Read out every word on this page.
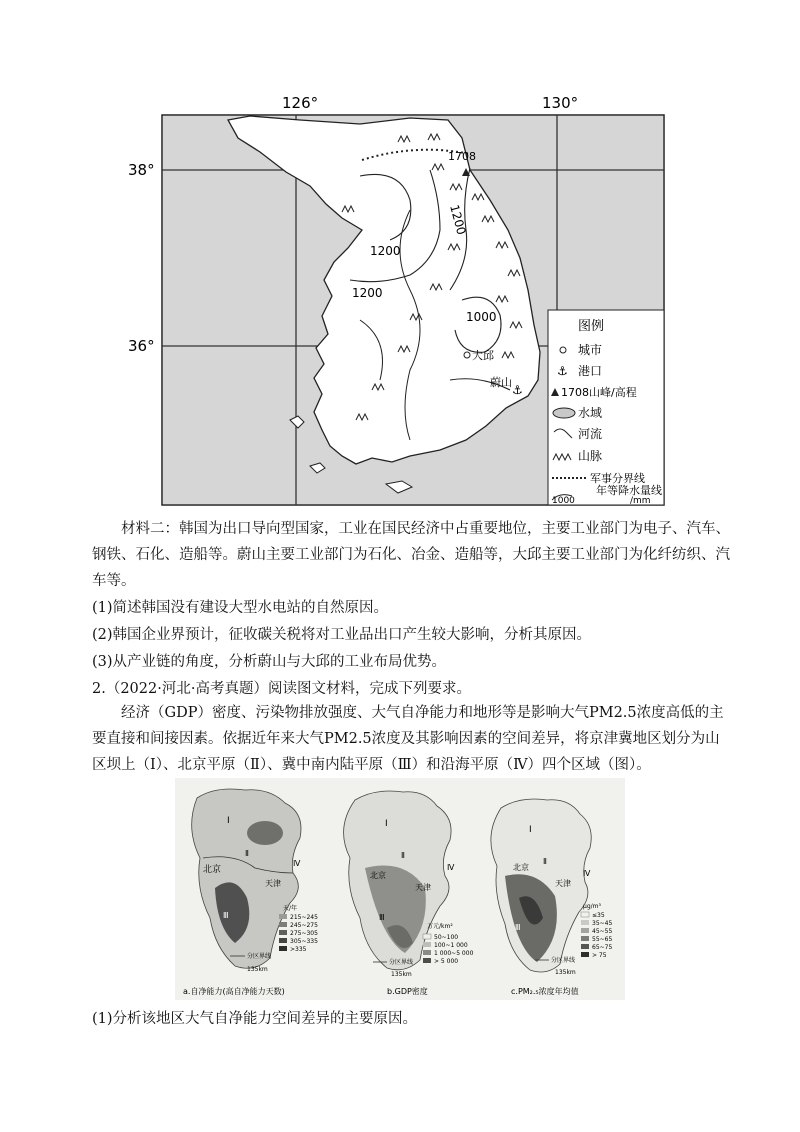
126°	130°
38°
36°
1200
1200
1200
1000
1708
大邱
蔚山
⚓
图例
城市
⚓ 港口
1708山峰/高程
水域
河流
山脉
军事分界线
年等降水量线
1000	/mm
材料二：韩国为出口导向型国家，工业在国民经济中占重要地位，主要工业部门为电子、汽车、钢铁、石化、造船等。蔚山主要工业部门为石化、冶金、造船等，大邱主要工业部门为化纤纺织、汽车等。
(1)简述韩国没有建设大型水电站的自然原因。
(2)韩国企业界预计，征收碳关税将对工业品出口产生较大影响，分析其原因。
(3)从产业链的角度，分析蔚山与大邱的工业布局优势。
2.（2022·河北·高考真题）阅读图文材料，完成下列要求。
经济（GDP）密度、污染物排放强度、大气自净能力和地形等是影响大气PM2.5浓度高低的主要直接和间接因素。依据近年来大气PM2.5浓度及其影响因素的空间差异，将京津冀地区划分为山区坝上（Ⅰ）、北京平原（Ⅱ）、冀中南内陆平原（Ⅲ）和沿海平原（Ⅳ）四个区域（图）。
Ⅰ
Ⅱ
Ⅳ
Ⅲ
北京
天津
天/年
215~245
245~275
275~305
305~335
>335
分区界线
135km
a.自净能力(高自净能力天数)
Ⅰ
Ⅱ
Ⅳ
Ⅲ
北京
天津
万元/km²
50~100
100~1 000
1 000~5 000
> 5 000
分区界线
135km
b.GDP密度
Ⅰ
Ⅱ
Ⅳ
Ⅲ
北京
天津
μg/m³
≤35
35~45
45~55
55~65
65~75
> 75
分区界线
135km
c.PM₂.₅浓度年均值
(1)分析该地区大气自净能力空间差异的主要原因。
